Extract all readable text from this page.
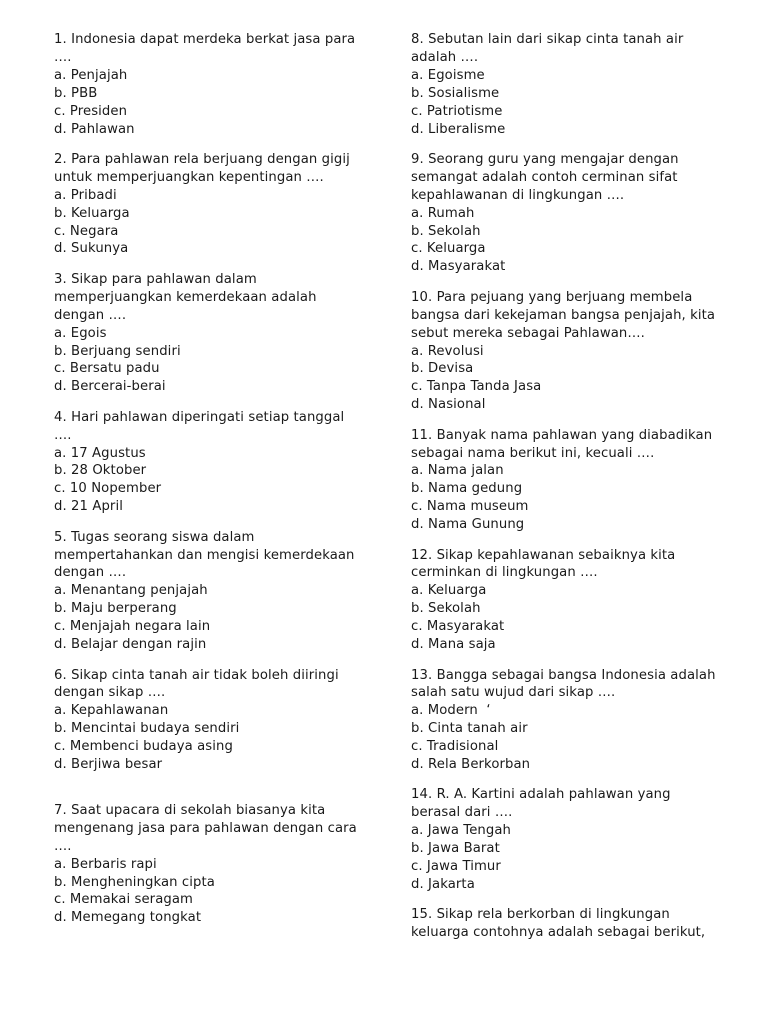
1. Indonesia dapat merdeka berkat jasa para
….
a. Penjajah
b. PBB
c. Presiden
d. Pahlawan
2. Para pahlawan rela berjuang dengan gigij
untuk memperjuangkan kepentingan ….
a. Pribadi
b. Keluarga
c. Negara
d. Sukunya
3. Sikap para pahlawan dalam
memperjuangkan kemerdekaan adalah
dengan ….
a. Egois
b. Berjuang sendiri
c. Bersatu padu
d. Bercerai-berai
4. Hari pahlawan diperingati setiap tanggal
….
a. 17 Agustus
b. 28 Oktober
c. 10 Nopember
d. 21 April
5. Tugas seorang siswa dalam
mempertahankan dan mengisi kemerdekaan
dengan ….
a. Menantang penjajah
b. Maju berperang
c. Menjajah negara lain
d. Belajar dengan rajin
6. Sikap cinta tanah air tidak boleh diiringi
dengan sikap ….
a. Kepahlawanan
b. Mencintai budaya sendiri
c. Membenci budaya asing
d. Berjiwa besar
7. Saat upacara di sekolah biasanya kita
mengenang jasa para pahlawan dengan cara
….
a. Berbaris rapi
b. Mengheningkan cipta
c. Memakai seragam
d. Memegang tongkat
8. Sebutan lain dari sikap cinta tanah air
adalah ….
a. Egoisme
b. Sosialisme
c. Patriotisme
d. Liberalisme
9. Seorang guru yang mengajar dengan
semangat adalah contoh cerminan sifat
kepahlawanan di lingkungan ….
a. Rumah
b. Sekolah
c. Keluarga
d. Masyarakat
10. Para pejuang yang berjuang membela
bangsa dari kekejaman bangsa penjajah, kita
sebut mereka sebagai Pahlawan….
a. Revolusi
b. Devisa
c. Tanpa Tanda Jasa
d. Nasional
11. Banyak nama pahlawan yang diabadikan
sebagai nama berikut ini, kecuali ….
a. Nama jalan
b. Nama gedung
c. Nama museum
d. Nama Gunung
12. Sikap kepahlawanan sebaiknya kita
cerminkan di lingkungan ….
a. Keluarga
b. Sekolah
c. Masyarakat
d. Mana saja
13. Bangga sebagai bangsa Indonesia adalah
salah satu wujud dari sikap ….
a. Modern  ‘
b. Cinta tanah air
c. Tradisional
d. Rela Berkorban
14. R. A. Kartini adalah pahlawan yang
berasal dari ….
a. Jawa Tengah
b. Jawa Barat
c. Jawa Timur
d. Jakarta
15. Sikap rela berkorban di lingkungan
keluarga contohnya adalah sebagai berikut,
